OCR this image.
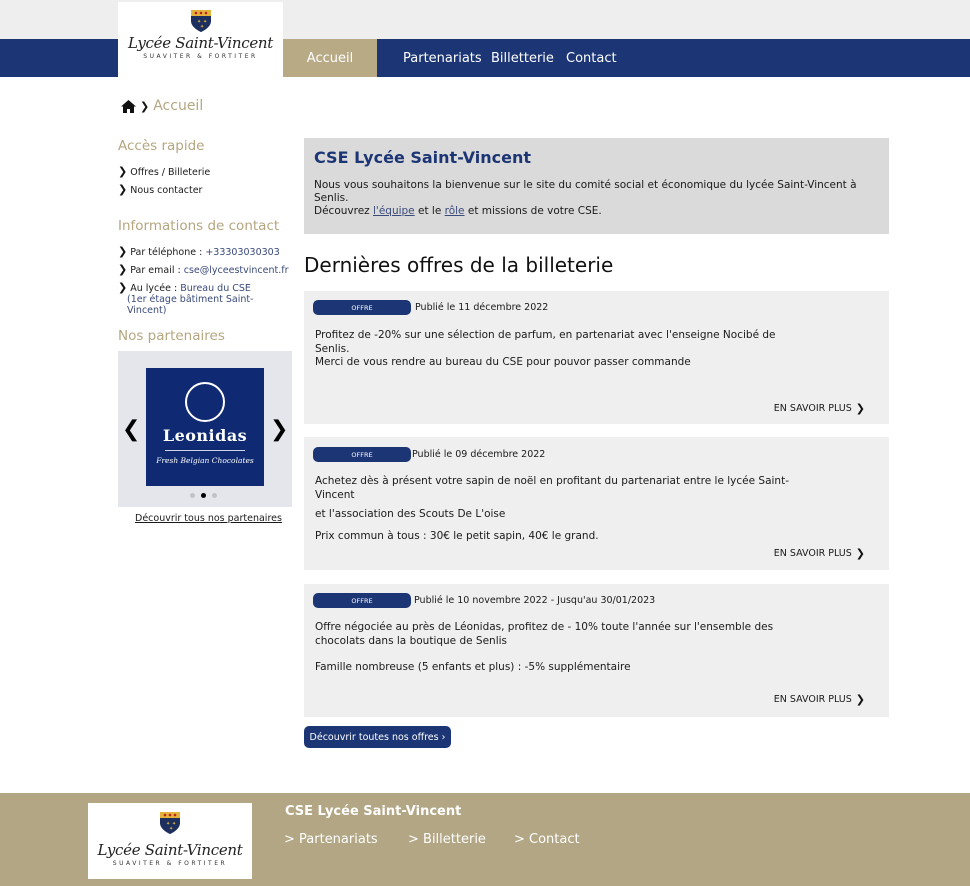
✦ ✦
✦
Lycée Saint-Vincent
SUAVITER & FORTITER	Accueil	Partenariats Billetterie Contact
❯ Accueil
Accès rapide
❯ Offres / Billeterie
❯ Nous contacter
Informations de contact
❯ Par téléphone : +33303030303
❯ Par email : cse@lyceestvincent.fr
❯ Au lycée : Bureau du CSE

(1er étage bâtiment Saint-Vincent)
Nos partenaires
Leonidas
Fresh Belgian Chocolates
❮	❯
Découvrir tous nos partenaires
CSE Lycée Saint-Vincent

Nous vous souhaitons la bienvenue sur le site du comité social et économique du lycée Saint-Vincent à Senlis.

Découvrez l'équipe et le rôle et missions de votre CSE.

Dernières offres de la billeterie
OFFRE	Publié le 11 décembre 2022
Profitez de -20% sur une sélection de parfum, en partenariat avec l'enseigne Nocibé de Senlis.
Merci de vous rendre au bureau du CSE pour pouvor passer commande
EN SAVOIR PLUS ❯
OFFRE	Publié le 09 décembre 2022
Achetez dès à présent votre sapin de noël en profitant du partenariat entre le lycée Saint-Vincent
et l'association des Scouts De L'oise
Prix commun à tous : 30€ le petit sapin, 40€ le grand.
EN SAVOIR PLUS ❯
OFFRE	Publié le 10 novembre 2022 - Jusqu'au 30/01/2023
Offre négociée au près de Léonidas, profitez de - 10% toute l'année sur l'ensemble des chocolats dans la boutique de Senlis
Famille nombreuse (5 enfants et plus) : -5% supplémentaire
EN SAVOIR PLUS ❯
Découvrir toutes nos offres ›
✦ ✦
✦
Lycée Saint-Vincent
SUAVITER & FORTITER
CSE Lycée Saint-Vincent
> Partenariats > Billetterie > Contact
